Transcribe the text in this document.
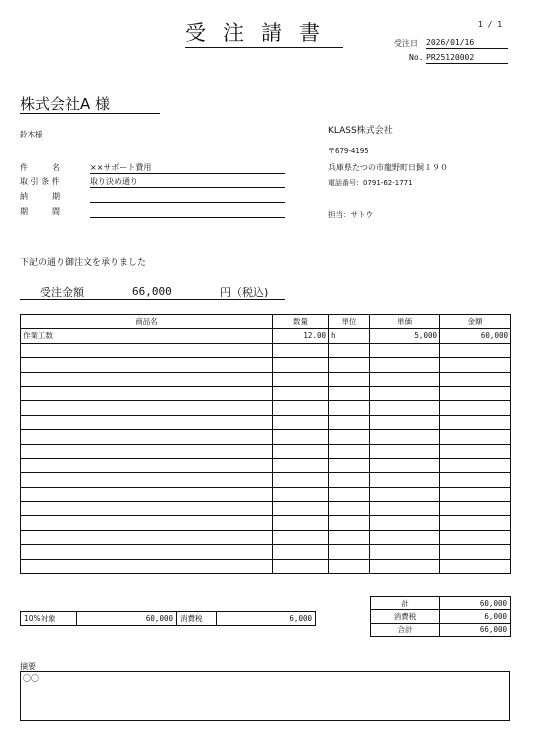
受注請書	1 / 1
受注日 2026/01/16
No. PR25120002
株式会社A 様
鈴木様
件　　　名	××サポート費用
取 引 条 件	取り決め通り
納　　　期
期　　　間
KLASS株式会社
〒679-4195
兵庫県たつの市龍野町日飼１９０
電話番号：0791-62-1771
担当：サトウ
下記の通り御注文を承りました
受注金額	66,000	円（税込)
商品名	数量	単位	単価	金額
作業工数	12.00	h	5,000	60,000

10%対象	60,000	消費税	6,000
計	60,000
消費税	6,000
合計	66,000
摘要
〇〇
